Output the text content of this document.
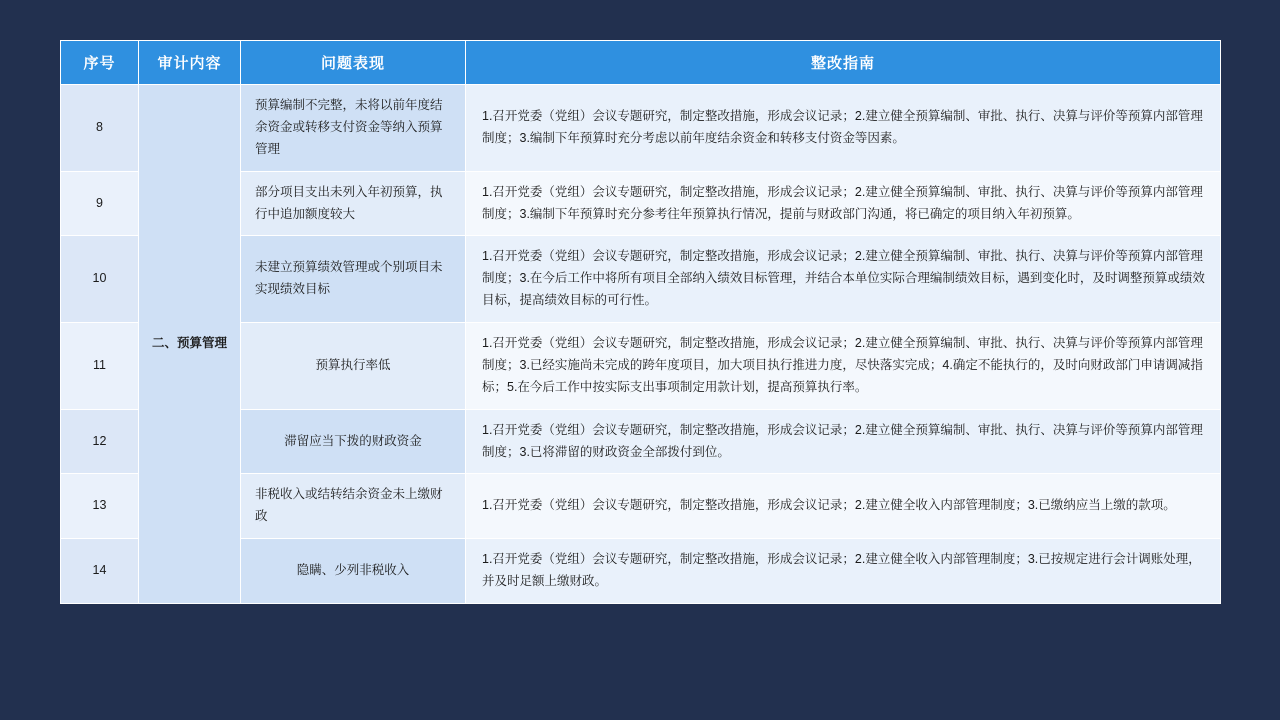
序号	审计内容	问题表现	整改指南
8	二、预算管理	预算编制不完整，未将以前年度结余资金或转移支付资金等纳入预算管理	1.召开党委（党组）会议专题研究，制定整改措施，形成会议记录；2.建立健全预算编制、审批、执行、决算与评价等预算内部管理制度；3.编制下年预算时充分考虑以前年度结余资金和转移支付资金等因素。
9		部分项目支出未列入年初预算，执行中追加额度较大	1.召开党委（党组）会议专题研究，制定整改措施，形成会议记录；2.建立健全预算编制、审批、执行、决算与评价等预算内部管理制度；3.编制下年预算时充分参考往年预算执行情况，提前与财政部门沟通，将已确定的项目纳入年初预算。
10		未建立预算绩效管理或个别项目未实现绩效目标	1.召开党委（党组）会议专题研究，制定整改措施，形成会议记录；2.建立健全预算编制、审批、执行、决算与评价等预算内部管理制度；3.在今后工作中将所有项目全部纳入绩效目标管理，并结合本单位实际合理编制绩效目标，遇到变化时，及时调整预算或绩效目标，提高绩效目标的可行性。
11		预算执行率低	1.召开党委（党组）会议专题研究，制定整改措施，形成会议记录；2.建立健全预算编制、审批、执行、决算与评价等预算内部管理制度；3.已经实施尚未完成的跨年度项目，加大项目执行推进力度，尽快落实完成；4.确定不能执行的，及时向财政部门申请调减指标；5.在今后工作中按实际支出事项制定用款计划，提高预算执行率。
12		滞留应当下拨的财政资金	1.召开党委（党组）会议专题研究，制定整改措施，形成会议记录；2.建立健全预算编制、审批、执行、决算与评价等预算内部管理制度；3.已将滞留的财政资金全部拨付到位。
13		非税收入或结转结余资金未上缴财政	1.召开党委（党组）会议专题研究，制定整改措施，形成会议记录；2.建立健全收入内部管理制度；3.已缴纳应当上缴的款项。
14		隐瞒、少列非税收入	1.召开党委（党组）会议专题研究，制定整改措施，形成会议记录；2.建立健全收入内部管理制度；3.已按规定进行会计调账处理，并及时足额上缴财政。
